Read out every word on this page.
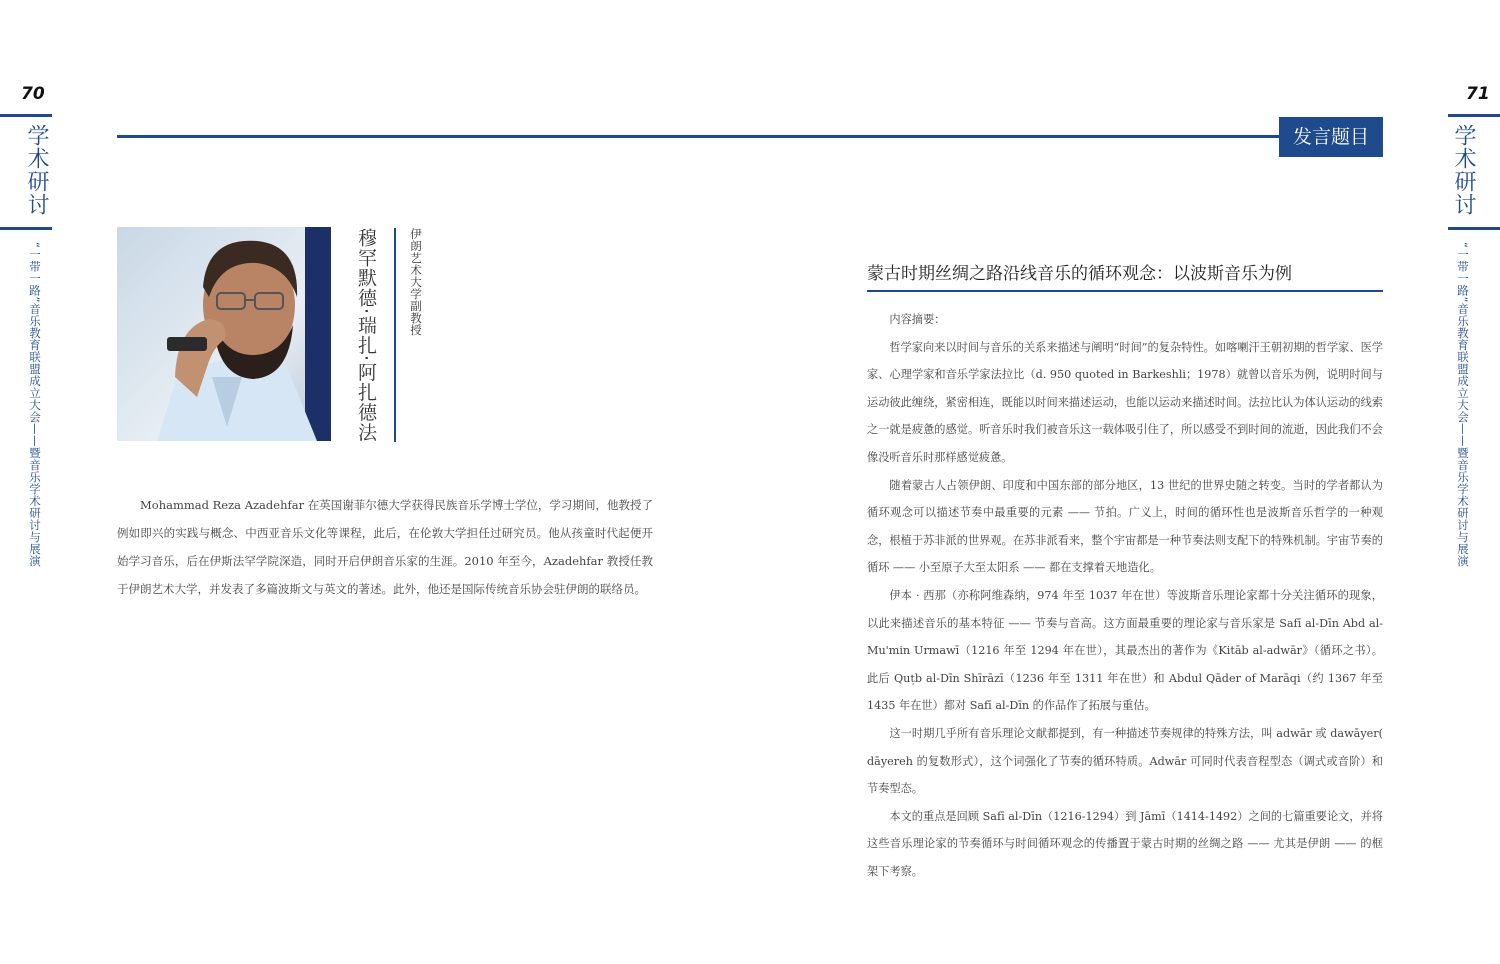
70
学术研讨
“一带一路”音乐教育联盟成立大会——暨音乐学术研讨与展演
发言题目
穆罕默德·瑞扎·阿扎德法	伊朗艺术大学副教授

Mohammad Reza Azadehfar 在英国谢菲尔德大学获得民族音乐学博士学位，学习期间，他教授了例如即兴的实践与概念、中西亚音乐文化等课程，此后，在伦敦大学担任过研究员。他从孩童时代起便开始学习音乐，后在伊斯法罕学院深造，同时开启伊朗音乐家的生涯。2010 年至今，Azadehfar 教授任教于伊朗艺术大学，并发表了多篇波斯文与英文的著述。此外，他还是国际传统音乐协会驻伊朗的联络员。

71
学术研讨
“一带一路”音乐教育联盟成立大会——暨音乐学术研讨与展演
蒙古时期丝绸之路沿线音乐的循环观念：以波斯音乐为例

内容摘要：

哲学家向来以时间与音乐的关系来描述与阐明“时间”的复杂特性。如喀喇汗王朝初期的哲学家、医学家、心理学家和音乐学家法拉比（d. 950 quoted in Barkeshli；1978）就曾以音乐为例，说明时间与运动彼此缠绕，紧密相连，既能以时间来描述运动，也能以运动来描述时间。法拉比认为体认运动的线索之一就是疲惫的感觉。听音乐时我们被音乐这一载体吸引住了，所以感受不到时间的流逝，因此我们不会像没听音乐时那样感觉疲惫。

随着蒙古人占领伊朗、印度和中国东部的部分地区，13 世纪的世界史随之转变。当时的学者都认为循环观念可以描述节奏中最重要的元素 —— 节拍。广义上，时间的循环性也是波斯音乐哲学的一种观念，根植于苏非派的世界观。在苏非派看来，整个宇宙都是一种节奏法则支配下的特殊机制。宇宙节奏的循环 —— 小至原子大至太阳系 —— 都在支撑着天地造化。

伊本 · 西那（亦称阿维森纳，974 年至 1037 年在世）等波斯音乐理论家都十分关注循环的现象，以此来描述音乐的基本特征 —— 节奏与音高。这方面最重要的理论家与音乐家是 Safī al-Dīn Abd al-Mu'min Urmawī（1216 年至 1294 年在世），其最杰出的著作为《Kitāb al-adwār》（循环之书）。此后 Quṭb al-Dīn Shīrāzī（1236 年至 1311 年在世）和 Abdul Qāder of Marāqi（约 1367 年至 1435 年在世）都对 Safī al-Dīn 的作品作了拓展与重估。

这一时期几乎所有音乐理论文献都提到，有一种描述节奏规律的特殊方法，叫 adwār 或 dawāyer( dāyereh 的复数形式），这个词强化了节奏的循环特质。Adwār 可同时代表音程型态（调式或音阶）和节奏型态。

本文的重点是回顾 Safī al-Dīn（1216-1294）到 Jāmī（1414-1492）之间的七篇重要论文，并将这些音乐理论家的节奏循环与时间循环观念的传播置于蒙古时期的丝绸之路 —— 尤其是伊朗 —— 的框架下考察。
